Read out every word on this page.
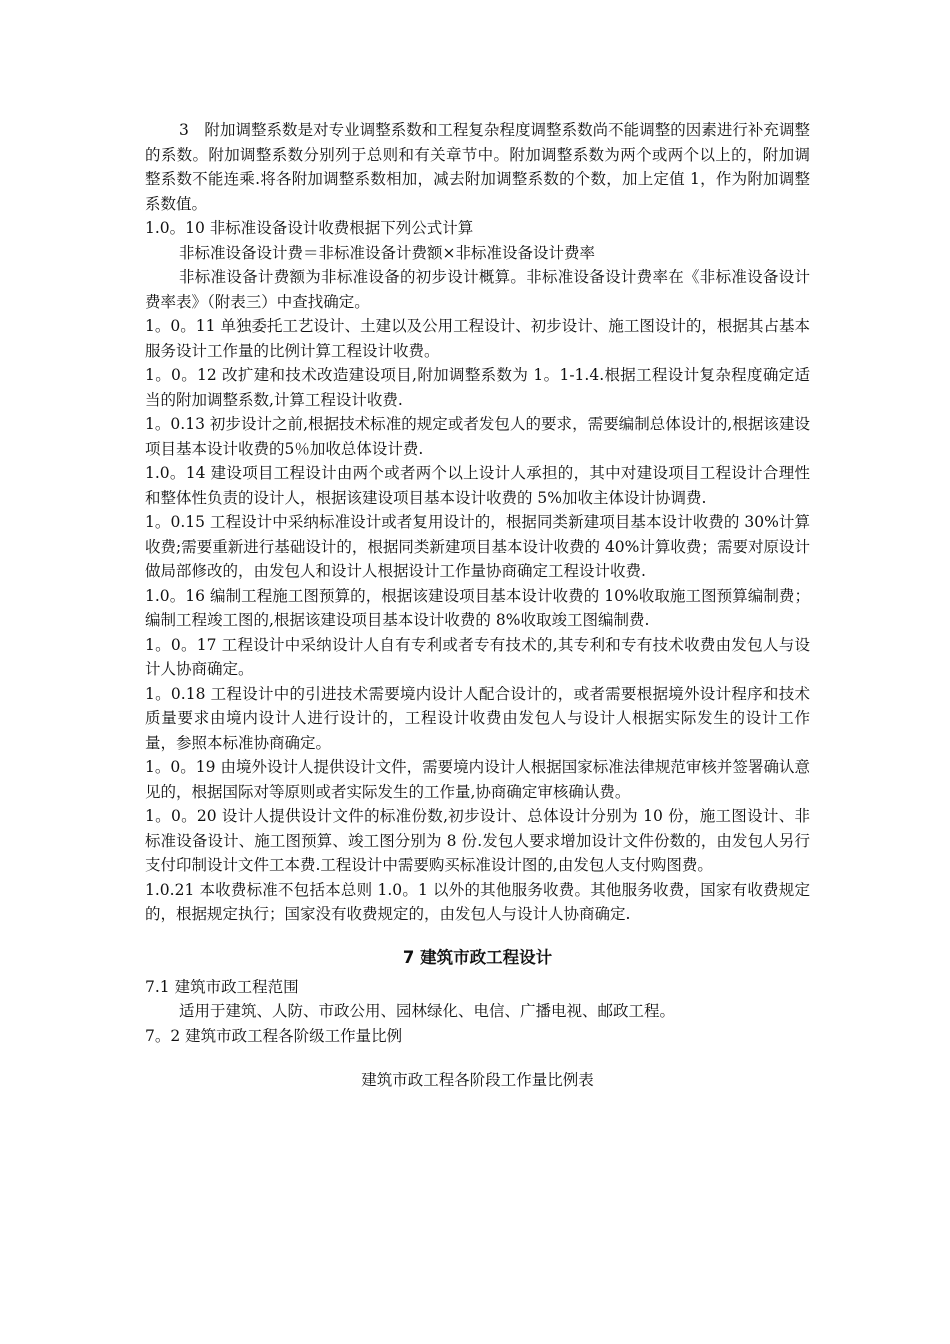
3　附加调整系数是对专业调整系数和工程复杂程度调整系数尚不能调整的因素进行补充调整的系数。附加调整系数分别列于总则和有关章节中。附加调整系数为两个或两个以上的，附加调整系数不能连乘.将各附加调整系数相加，减去附加调整系数的个数，加上定值 1，作为附加调整系数值。

1.0。10 非标准设备设计收费根据下列公式计算

非标准设备设计费＝非标准设备计费额×非标准设备设计费率

非标准设备计费额为非标准设备的初步设计概算。非标准设备设计费率在《非标准设备设计费率表》（附表三）中查找确定。

1。0。11 单独委托工艺设计、土建以及公用工程设计、初步设计、施工图设计的，根据其占基本服务设计工作量的比例计算工程设计收费。

1。0。12 改扩建和技术改造建设项目,附加调整系数为 1。1-1.4.根据工程设计复杂程度确定适当的附加调整系数,计算工程设计收费.

1。0.13 初步设计之前,根据技术标准的规定或者发包人的要求，需要编制总体设计的,根据该建设项目基本设计收费的5％加收总体设计费.

1.0。14 建设项目工程设计由两个或者两个以上设计人承担的，其中对建设项目工程设计合理性和整体性负责的设计人，根据该建设项目基本设计收费的 5%加收主体设计协调费.

1。0.15 工程设计中采纳标准设计或者复用设计的，根据同类新建项目基本设计收费的 30%计算收费;需要重新进行基础设计的，根据同类新建项目基本设计收费的 40%计算收费；需要对原设计做局部修改的，由发包人和设计人根据设计工作量协商确定工程设计收费.

1.0。16 编制工程施工图预算的，根据该建设项目基本设计收费的 10%收取施工图预算编制费；编制工程竣工图的,根据该建设项目基本设计收费的 8%收取竣工图编制费.

1。0。17 工程设计中采纳设计人自有专利或者专有技术的,其专利和专有技术收费由发包人与设计人协商确定。

1。0.18 工程设计中的引进技术需要境内设计人配合设计的，或者需要根据境外设计程序和技术质量要求由境内设计人进行设计的，工程设计收费由发包人与设计人根据实际发生的设计工作量，参照本标准协商确定。

1。0。19 由境外设计人提供设计文件，需要境内设计人根据国家标准法律规范审核并签署确认意见的，根据国际对等原则或者实际发生的工作量,协商确定审核确认费。

1。0。20 设计人提供设计文件的标准份数,初步设计、总体设计分别为 10 份，施工图设计、非标准设备设计、施工图预算、竣工图分别为 8 份.发包人要求增加设计文件份数的，由发包人另行支付印制设计文件工本费.工程设计中需要购买标准设计图的,由发包人支付购图费。

1.0.21 本收费标准不包括本总则 1.0。1 以外的其他服务收费。其他服务收费，国家有收费规定的，根据规定执行；国家没有收费规定的，由发包人与设计人协商确定.

7 建筑市政工程设计

7.1 建筑市政工程范围

适用于建筑、人防、市政公用、园林绿化、电信、广播电视、邮政工程。

7。2 建筑市政工程各阶级工作量比例

建筑市政工程各阶段工作量比例表
